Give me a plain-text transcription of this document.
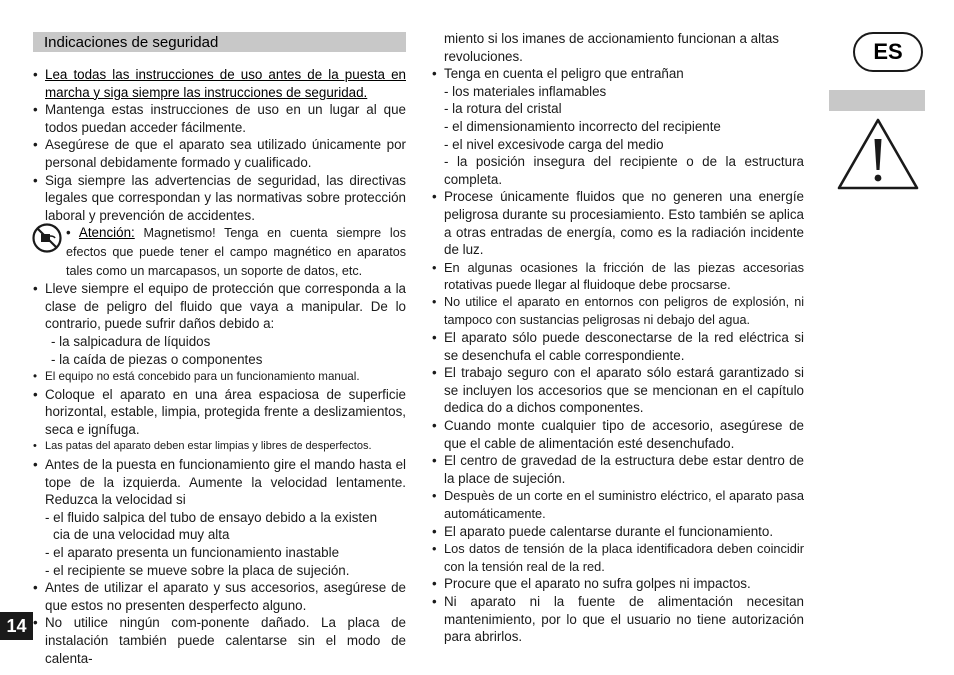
Indicaciones de seguridad
• Lea todas las instrucciones de uso antes de la puesta en marcha y siga siempre las instrucciones de seguridad.
• Mantenga estas instrucciones de uso en un lugar al que todos puedan acceder fácilmente.
• Asegúrese de que el aparato sea utilizado únicamente por personal debidamente formado y cualificado.
• Siga siempre las advertencias de seguridad, las directivas legales que correspondan y las normativas sobre protección laboral y prevención de accidentes.
• Atención: Magnetismo! Tenga en cuenta siempre los efectos que puede tener el campo magnético en aparatos tales como un marcapasos, un soporte de datos, etc.
• Lleve siempre el equipo de protección que corresponda a la clase de peligro del fluido que vaya a manipular. De lo contrario, puede sufrir daños debido a:
- la salpicadura de líquidos
- la caída de piezas o componentes
• El equipo no está concebido para un funcionamiento manual.
• Coloque el aparato en una área espaciosa de superficie horizontal, estable, limpia, protegida frente a deslizamientos, seca e ignífuga.
• Las patas del aparato deben estar limpias y libres de desperfectos.
• Antes de la puesta en funcionamiento gire el mando hasta el tope de la izquierda. Aumente la velocidad lentamente. Reduzca la velocidad si
- el fluido salpica del tubo de ensayo debido a la existen
cia de una velocidad muy alta
- el aparato presenta un funcionamiento inastable
- el recipiente se mueve sobre la placa de sujeción.
• Antes de utilizar el aparato y sus accesorios, asegúrese de que estos no presenten desperfecto alguno.
• No utilice ningún com-ponente dañado. La placa de instalación también puede calentarse sin el modo de calenta-
miento si los imanes de accionamiento funcionan a altas revoluciones.
• Tenga en cuenta el peligro que entrañan
- los materiales inflamables
- la rotura del cristal
- el dimensionamiento incorrecto del recipiente
- el nivel excesivode carga del medio
- la posición insegura del recipiente o de la estructura completa.
• Procese únicamente fluidos que no generen una energíe peligrosa durante su procesiamiento. Esto también se aplica a otras entradas de energía, como es la radiación incidente de luz.
• En algunas ocasiones la fricción de las piezas accesorias rotativas puede llegar al fluidoque debe procsarse.
• No utilice el aparato en entornos con peligros de explosión, ni tampoco con sustancias peligrosas ni debajo del agua.
• El aparato sólo puede desconectarse de la red eléctrica si se desenchufa el cable correspondiente.
• El trabajo seguro con el aparato sólo estará garantizado si se incluyen los accesorios que se mencionan en el capítulo dedica do a dichos componentes.
• Cuando monte cualquier tipo de accesorio, asegúrese de que el cable de alimentación esté desenchufado.
• El centro de gravedad de la estructura debe estar dentro de la place de sujeción.
• Despuès de un corte en el suministro eléctrico, el aparato pasa automáticamente.
• El aparato puede calentarse durante el funcionamiento.
• Los datos de tensión de la placa identificadora deben coincidir con la tensión real de la red.
• Procure que el aparato no sufra golpes ni impactos.
• Ni aparato ni la fuente de alimentación necesitan mantenimiento, por lo que el usuario no tiene autorización para abrirlos.
ES
14
